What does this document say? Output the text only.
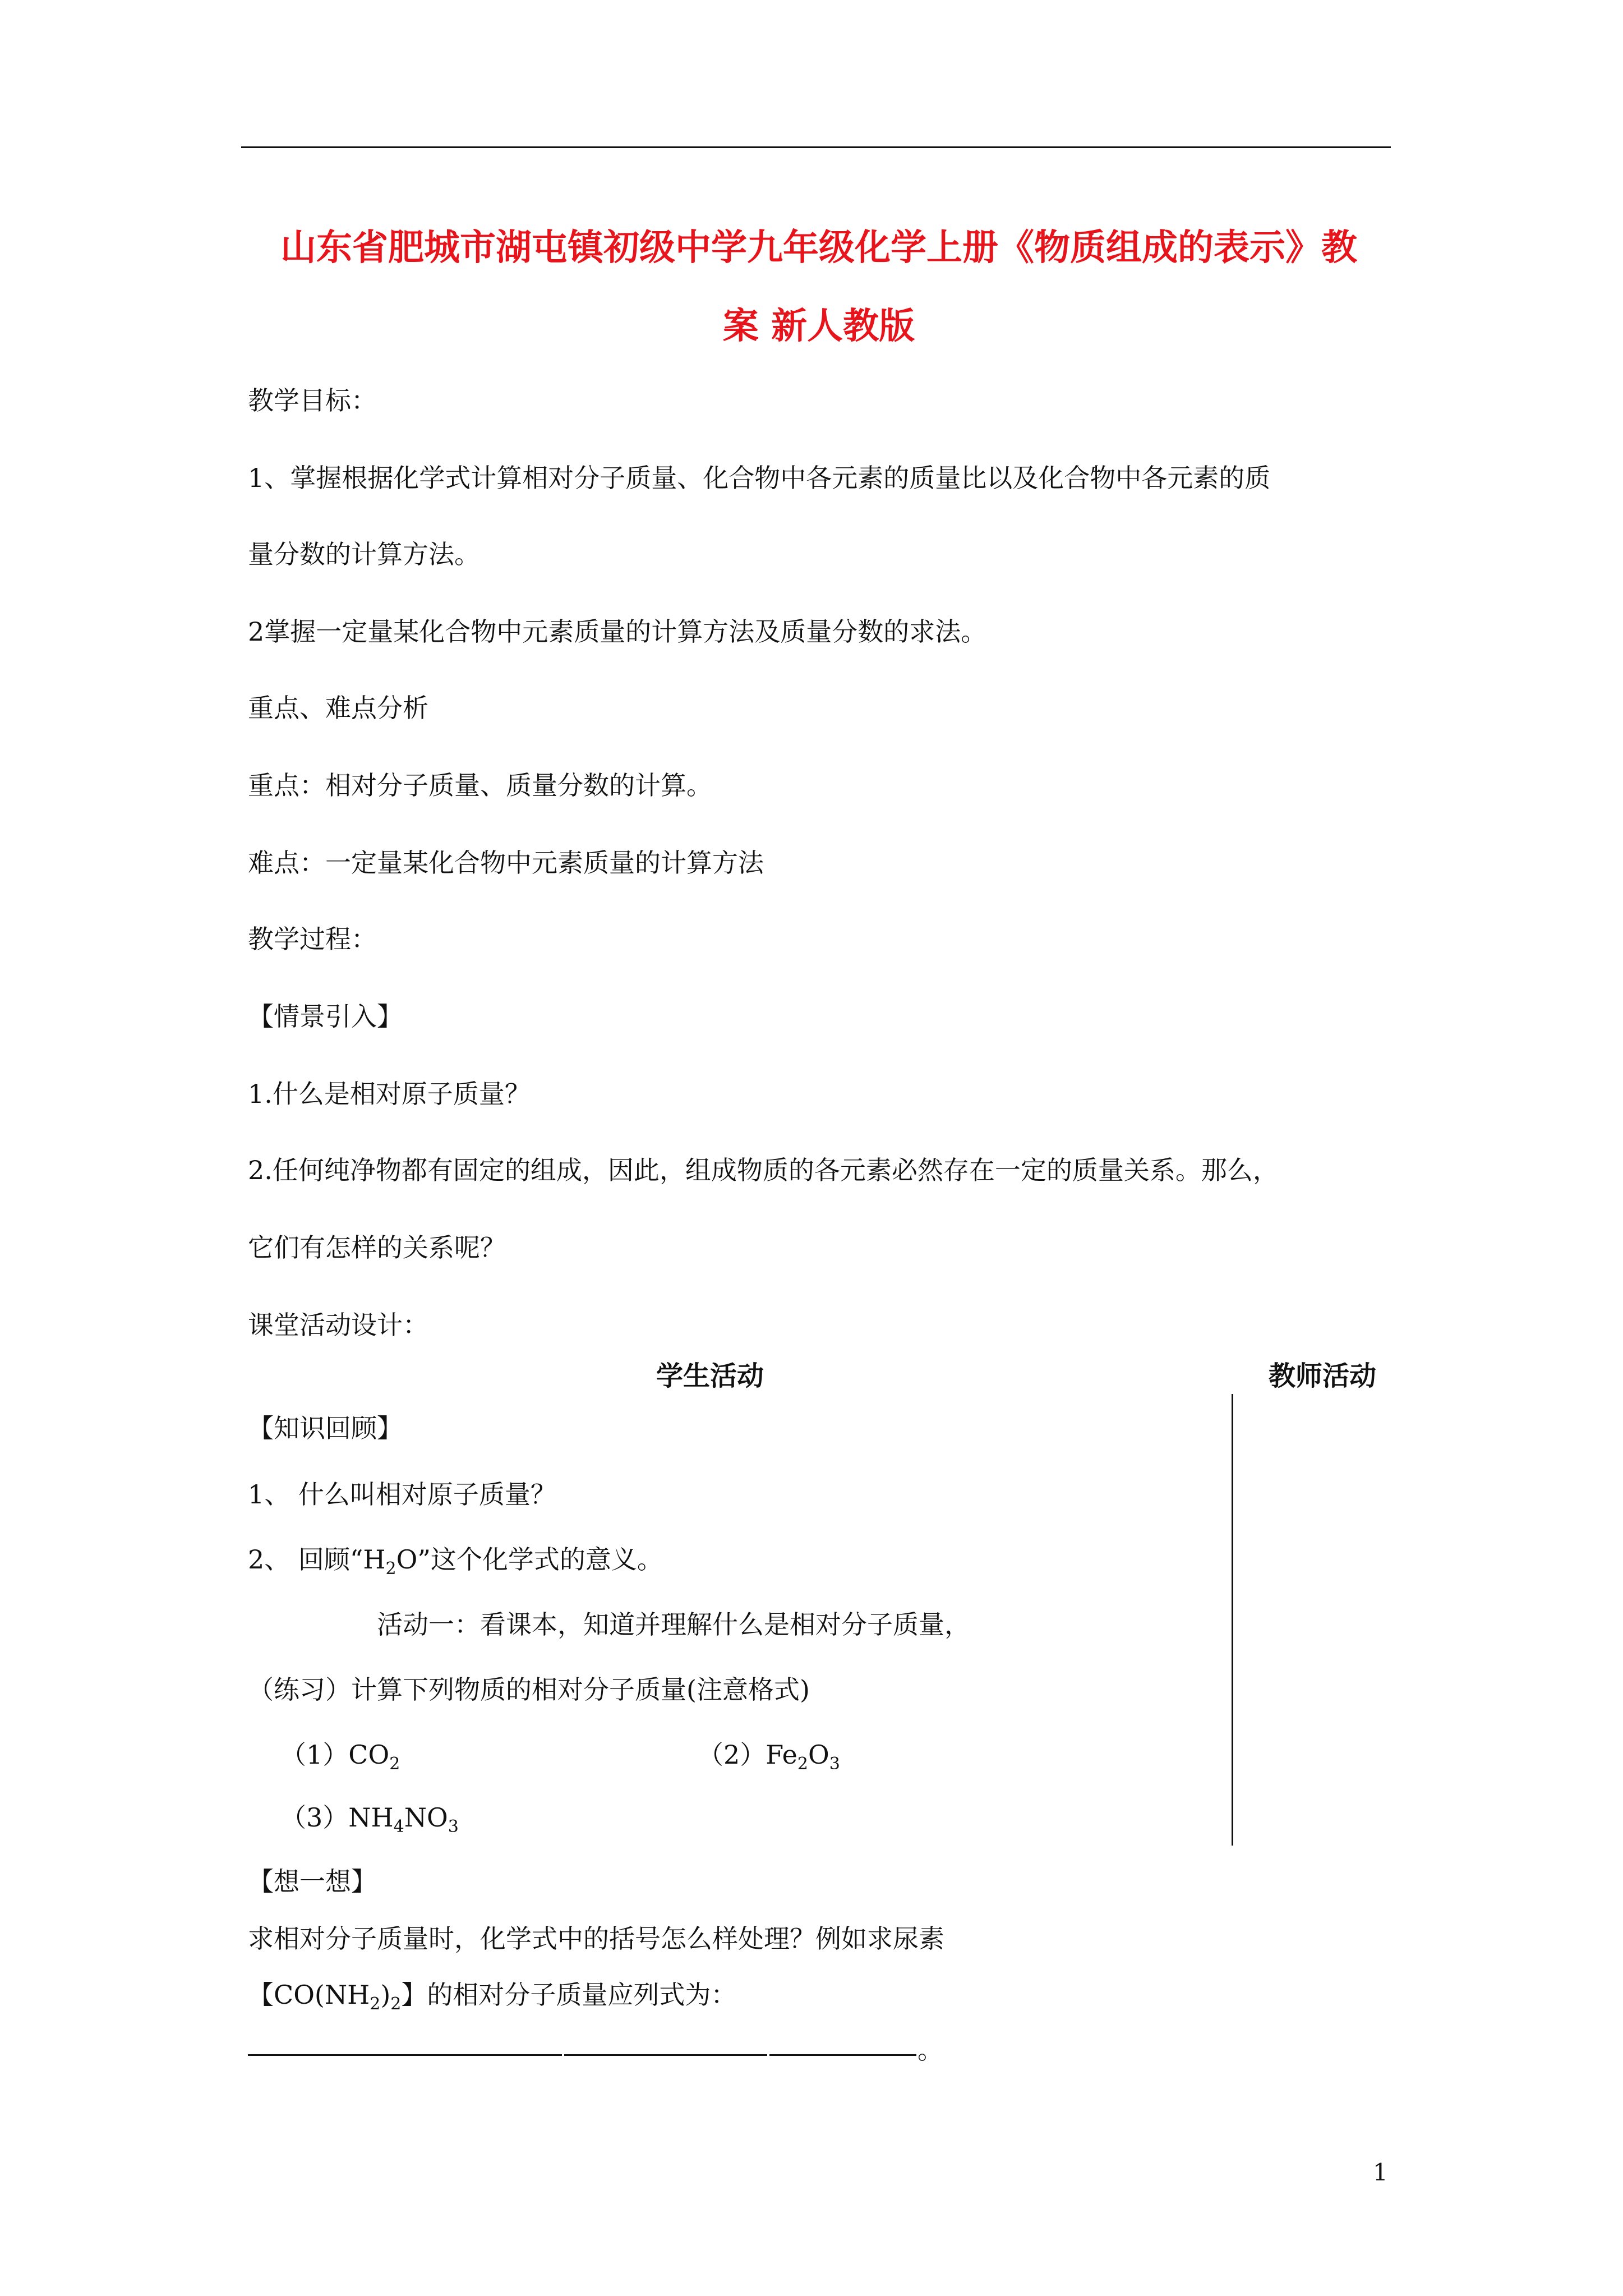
山东省肥城市湖屯镇初级中学九年级化学上册《物质组成的表示》教
案 新人教版
教学目标：
1、掌握根据化学式计算相对分子质量、化合物中各元素的质量比以及化合物中各元素的质
量分数的计算方法。
2掌握一定量某化合物中元素质量的计算方法及质量分数的求法。
重点、难点分析
重点：相对分子质量、质量分数的计算。
难点：一定量某化合物中元素质量的计算方法
教学过程：
【情景引入】
1.什么是相对原子质量？
2.任何纯净物都有固定的组成，因此，组成物质的各元素必然存在一定的质量关系。那么，
它们有怎样的关系呢？
课堂活动设计：
学生活动	教师活动
【知识回顾】
1、 什么叫相对原子质量？
2、 回顾“$H_2O$”这个化学式的意义。
活动一：看课本，知道并理解什么是相对分子质量，
（练习）计算下列物质的相对分子质量(注意格式)
$(1)CO_2$	$(2)Fe_2O_3$
$(3)NH_4NO_3$
【想一想】
求相对分子质量时，化学式中的括号怎么样处理？例如求尿素
【$CO(NH_2)_2$】的相对分子质量应列式为：
。
1
